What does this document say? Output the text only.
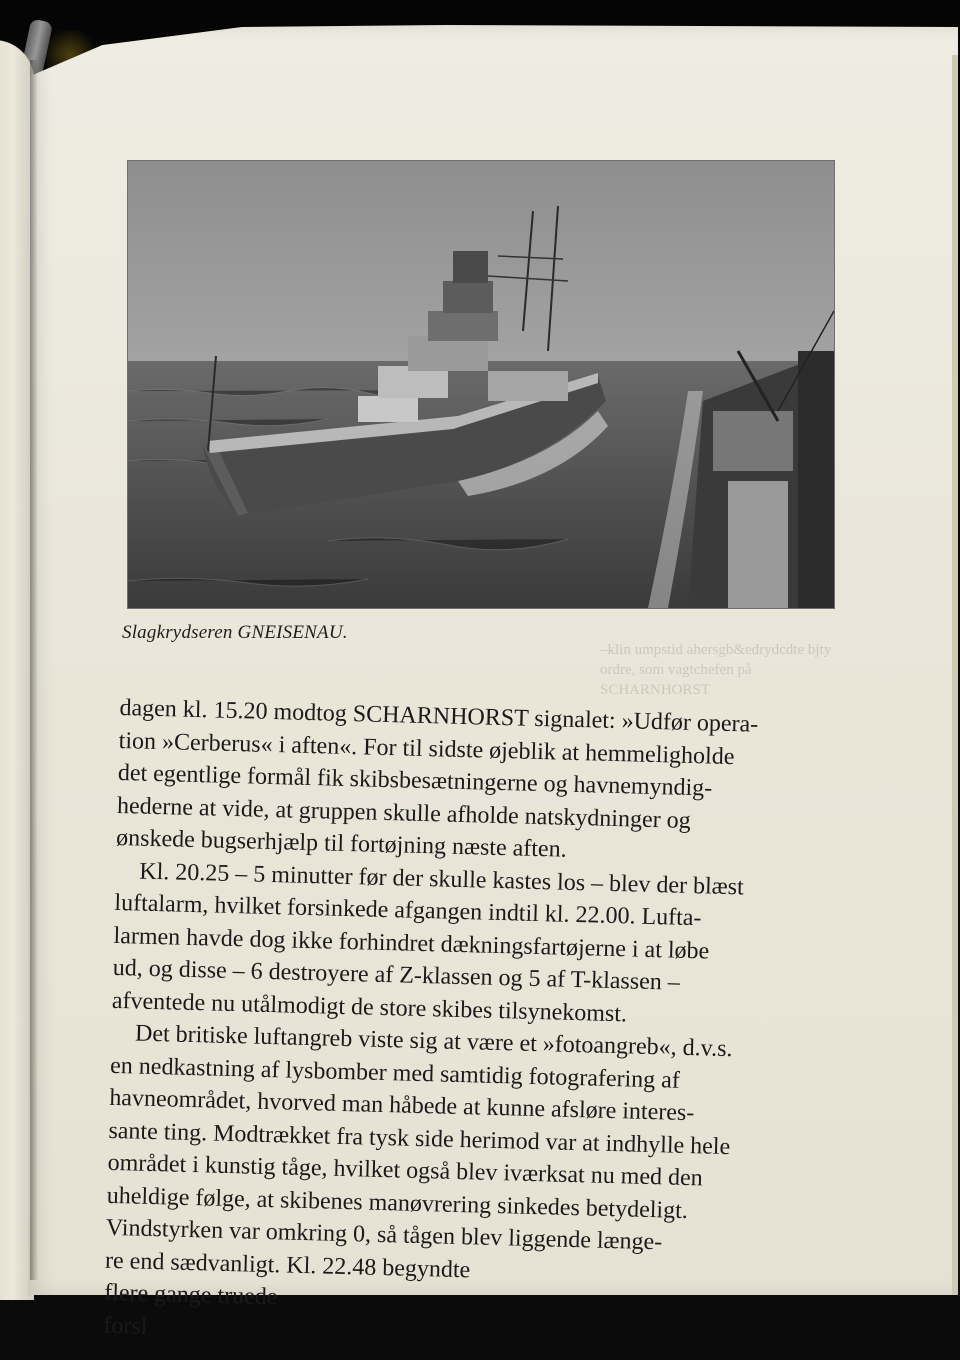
Slagkrydseren GNEISENAU.
–klin umpstid ahersgb&edrydcdte bjty
ordre, som vagtchefen på SCHARNHORST
dagen kl. 15.20 modtog SCHARNHORST signalet: »Udfør opera-
tion »Cerberus« i aften«. For til sidste øjeblik at hemmeligholde
det egentlige formål fik skibsbesætningerne og havnemyndig-
hederne at vide, at gruppen skulle afholde natskydninger og
ønskede bugserhjælp til fortøjning næste aften.
Kl. 20.25 – 5 minutter før der skulle kastes los – blev der blæst
luftalarm, hvilket forsinkede afgangen indtil kl. 22.00. Lufta-
larmen havde dog ikke forhindret dækningsfartøjerne i at løbe
ud, og disse – 6 destroyere af Z-klassen og 5 af T-klassen –
afventede nu utålmodigt de store skibes tilsynekomst.
Det britiske luftangreb viste sig at være et »fotoangreb«, d.v.s.
en nedkastning af lysbomber med samtidig fotografering af
havneområdet, hvorved man håbede at kunne afsløre interes-
sante ting. Modtrækket fra tysk side herimod var at indhylle hele
området i kunstig tåge, hvilket også blev iværksat nu med den
uheldige følge, at skibenes manøvrering sinkedes betydeligt.
Vindstyrken var omkring 0, så tågen blev liggende længe-
re end sædvanligt. Kl. 22.48 begyndte
flere gange truede
forsl
